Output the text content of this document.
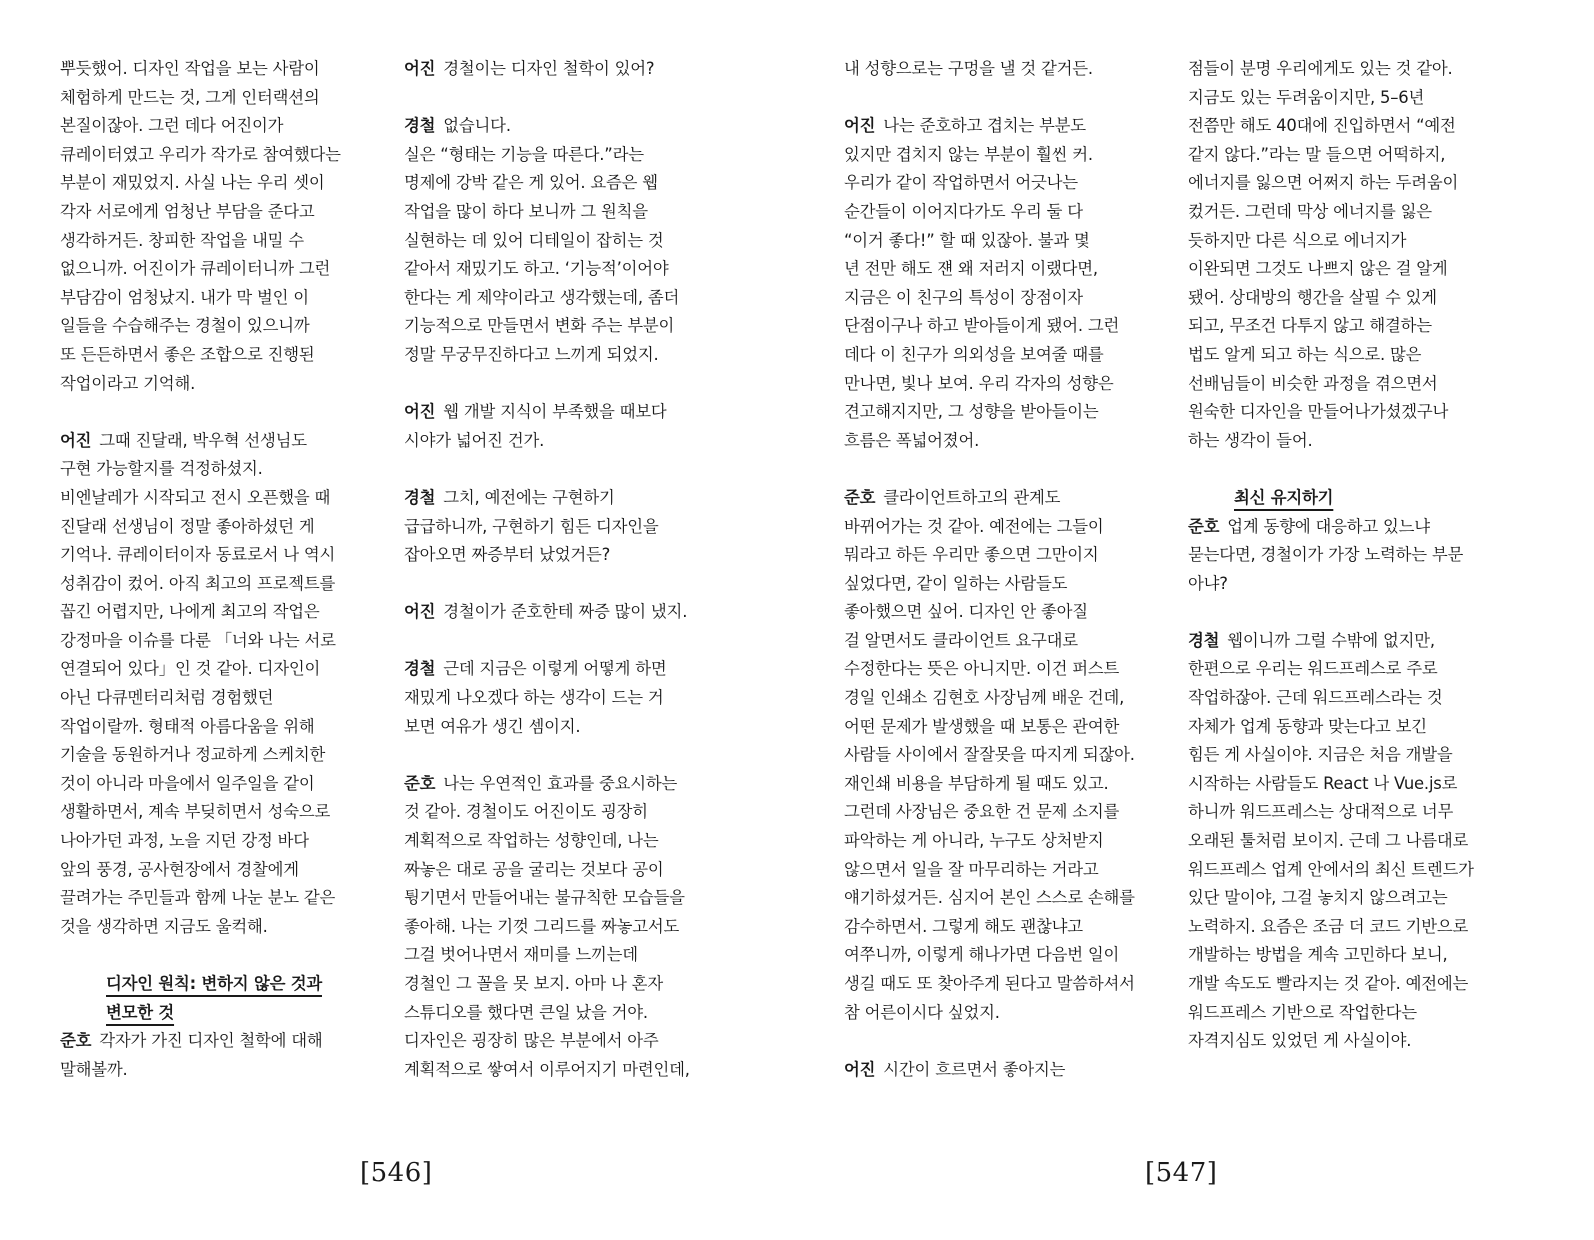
뿌듯했어. 디자인 작업을 보는 사람이
체험하게 만드는 것, 그게 인터랙션의
본질이잖아. 그런 데다 어진이가
큐레이터였고 우리가 작가로 참여했다는
부분이 재밌었지. 사실 나는 우리 셋이
각자 서로에게 엄청난 부담을 준다고
생각하거든. 창피한 작업을 내밀 수
없으니까. 어진이가 큐레이터니까 그런
부담감이 엄청났지. 내가 막 벌인 이
일들을 수습해주는 경철이 있으니까
또 든든하면서 좋은 조합으로 진행된
작업이라고 기억해.
어진 그때 진달래, 박우혁 선생님도
구현 가능할지를 걱정하셨지.
비엔날레가 시작되고 전시 오픈했을 때
진달래 선생님이 정말 좋아하셨던 게
기억나. 큐레이터이자 동료로서 나 역시
성취감이 컸어. 아직 최고의 프로젝트를
꼽긴 어렵지만, 나에게 최고의 작업은
강정마을 이슈를 다룬 「너와 나는 서로
연결되어 있다」인 것 같아. 디자인이
아닌 다큐멘터리처럼 경험했던
작업이랄까. 형태적 아름다움을 위해
기술을 동원하거나 정교하게 스케치한
것이 아니라 마을에서 일주일을 같이
생활하면서, 계속 부딪히면서 성숙으로
나아가던 과정, 노을 지던 강정 바다
앞의 풍경, 공사현장에서 경찰에게
끌려가는 주민들과 함께 나눈 분노 같은
것을 생각하면 지금도 울컥해.
디자인 원칙: 변하지 않은 것과
변모한 것
준호 각자가 가진 디자인 철학에 대해
말해볼까.
어진 경철이는 디자인 철학이 있어?
경철 없습니다.
실은 “형태는 기능을 따른다.”라는
명제에 강박 같은 게 있어. 요즘은 웹
작업을 많이 하다 보니까 그 원칙을
실현하는 데 있어 디테일이 잡히는 것
같아서 재밌기도 하고. ‘기능적’이어야
한다는 게 제약이라고 생각했는데, 좀더
기능적으로 만들면서 변화 주는 부분이
정말 무궁무진하다고 느끼게 되었지.
어진 웹 개발 지식이 부족했을 때보다
시야가 넓어진 건가.
경철 그치, 예전에는 구현하기
급급하니까, 구현하기 힘든 디자인을
잡아오면 짜증부터 났었거든?
어진 경철이가 준호한테 짜증 많이 냈지.
경철 근데 지금은 이렇게 어떻게 하면
재밌게 나오겠다 하는 생각이 드는 거
보면 여유가 생긴 셈이지.
준호 나는 우연적인 효과를 중요시하는
것 같아. 경철이도 어진이도 굉장히
계획적으로 작업하는 성향인데, 나는
짜놓은 대로 공을 굴리는 것보다 공이
튕기면서 만들어내는 불규칙한 모습들을
좋아해. 나는 기껏 그리드를 짜놓고서도
그걸 벗어나면서 재미를 느끼는데
경철인 그 꼴을 못 보지. 아마 나 혼자
스튜디오를 했다면 큰일 났을 거야.
디자인은 굉장히 많은 부분에서 아주
계획적으로 쌓여서 이루어지기 마련인데,
[546]
내 성향으로는 구멍을 낼 것 같거든.
어진 나는 준호하고 겹치는 부분도
있지만 겹치지 않는 부분이 훨씬 커.
우리가 같이 작업하면서 어긋나는
순간들이 이어지다가도 우리 둘 다
“이거 좋다!” 할 때 있잖아. 불과 몇
년 전만 해도 쟨 왜 저러지 이랬다면,
지금은 이 친구의 특성이 장점이자
단점이구나 하고 받아들이게 됐어. 그런
데다 이 친구가 의외성을 보여줄 때를
만나면, 빛나 보여. 우리 각자의 성향은
견고해지지만, 그 성향을 받아들이는
흐름은 폭넓어졌어.
준호 클라이언트하고의 관계도
바뀌어가는 것 같아. 예전에는 그들이
뭐라고 하든 우리만 좋으면 그만이지
싶었다면, 같이 일하는 사람들도
좋아했으면 싶어. 디자인 안 좋아질
걸 알면서도 클라이언트 요구대로
수정한다는 뜻은 아니지만. 이건 퍼스트
경일 인쇄소 김현호 사장님께 배운 건데,
어떤 문제가 발생했을 때 보통은 관여한
사람들 사이에서 잘잘못을 따지게 되잖아.
재인쇄 비용을 부담하게 될 때도 있고.
그런데 사장님은 중요한 건 문제 소지를
파악하는 게 아니라, 누구도 상처받지
않으면서 일을 잘 마무리하는 거라고
얘기하셨거든. 심지어 본인 스스로 손해를
감수하면서. 그렇게 해도 괜찮냐고
여쭈니까, 이렇게 해나가면 다음번 일이
생길 때도 또 찾아주게 된다고 말씀하셔서
참 어른이시다 싶었지.
어진 시간이 흐르면서 좋아지는
점들이 분명 우리에게도 있는 것 같아.
지금도 있는 두려움이지만, 5–6년
전쯤만 해도 40대에 진입하면서 “예전
같지 않다.”라는 말 들으면 어떡하지,
에너지를 잃으면 어쩌지 하는 두려움이
컸거든. 그런데 막상 에너지를 잃은
듯하지만 다른 식으로 에너지가
이완되면 그것도 나쁘지 않은 걸 알게
됐어. 상대방의 행간을 살필 수 있게
되고, 무조건 다투지 않고 해결하는
법도 알게 되고 하는 식으로. 많은
선배님들이 비슷한 과정을 겪으면서
원숙한 디자인을 만들어나가셨겠구나
하는 생각이 들어.
최신 유지하기
준호 업계 동향에 대응하고 있느냐
묻는다면, 경철이가 가장 노력하는 부문
아냐?
경철 웹이니까 그럴 수밖에 없지만,
한편으로 우리는 워드프레스로 주로
작업하잖아. 근데 워드프레스라는 것
자체가 업계 동향과 맞는다고 보긴
힘든 게 사실이야. 지금은 처음 개발을
시작하는 사람들도 React 나 Vue.js로
하니까 워드프레스는 상대적으로 너무
오래된 툴처럼 보이지. 근데 그 나름대로
워드프레스 업계 안에서의 최신 트렌드가
있단 말이야, 그걸 놓치지 않으려고는
노력하지. 요즘은 조금 더 코드 기반으로
개발하는 방법을 계속 고민하다 보니,
개발 속도도 빨라지는 것 같아. 예전에는
워드프레스 기반으로 작업한다는
자격지심도 있었던 게 사실이야.
[547]
